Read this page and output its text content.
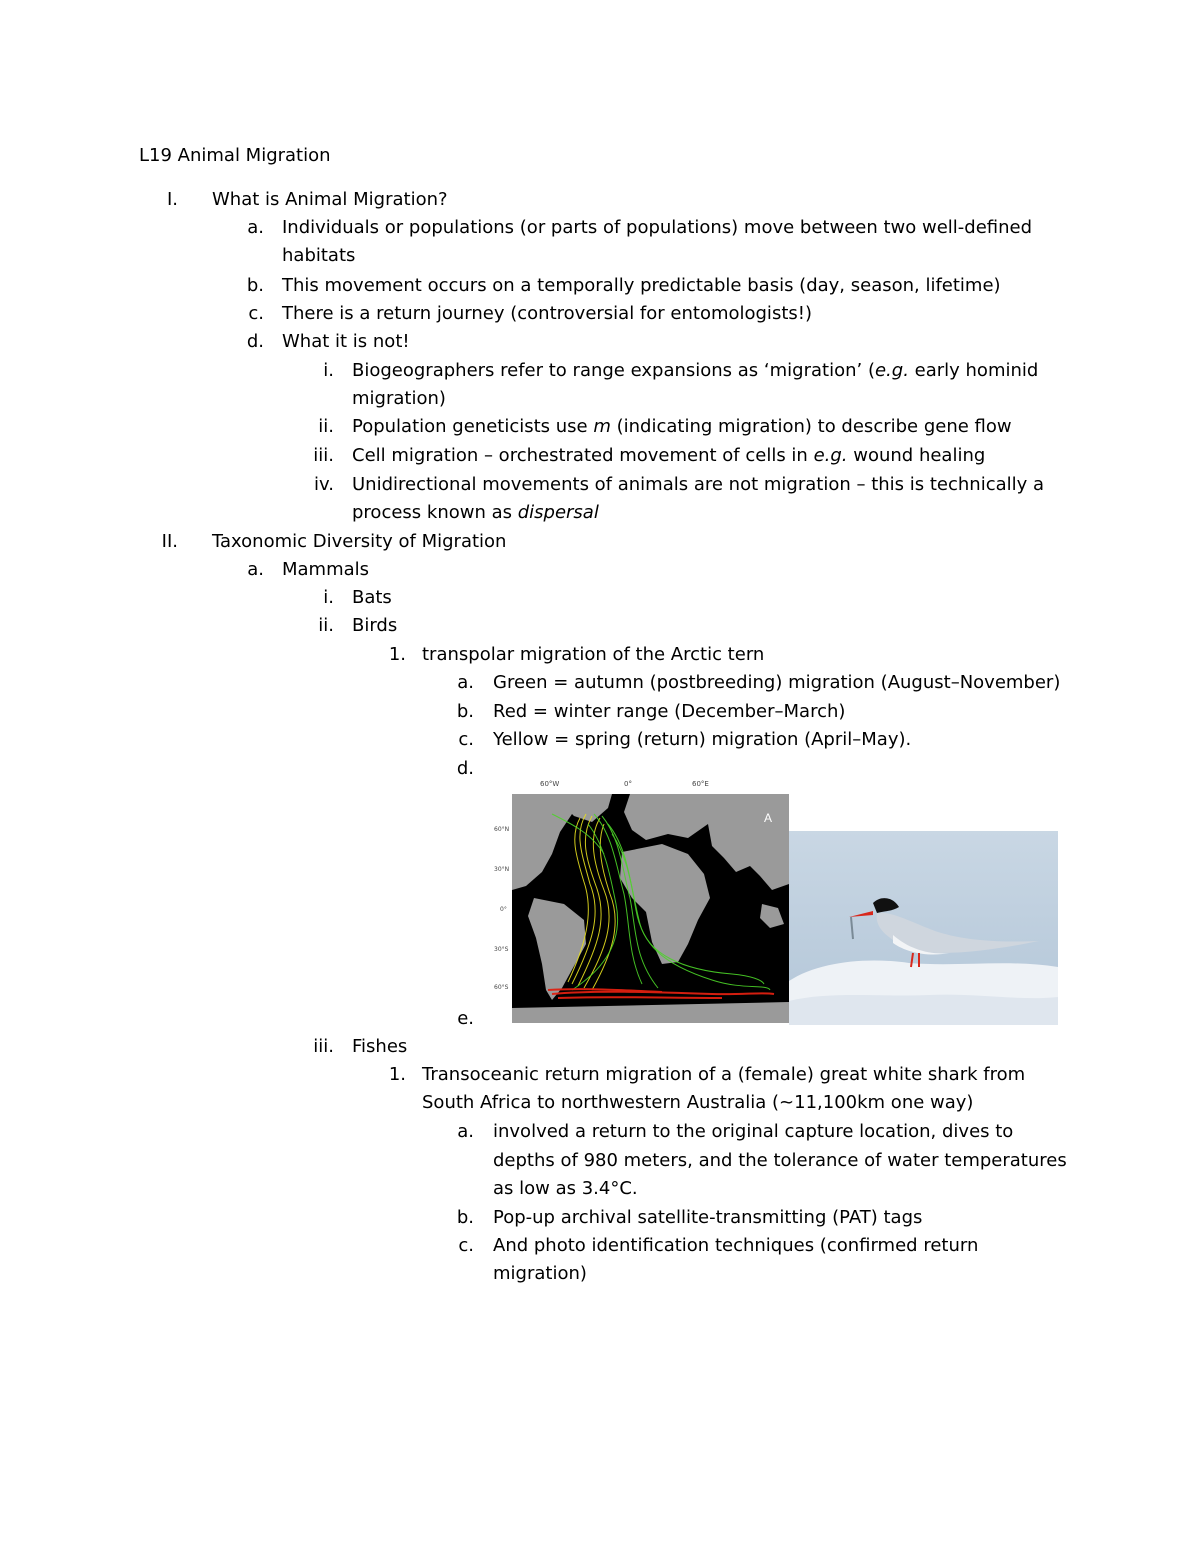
L19 Animal Migration
I. What is Animal Migration?
a. Individuals or populations (or parts of populations) move between two well-defined
habitats
b. This movement occurs on a temporally predictable basis (day, season, lifetime)
c. There is a return journey (controversial for entomologists!)
d. What it is not!
i. Biogeographers refer to range expansions as ‘migration’ (e.g. early hominid
migration)
ii. Population geneticists use m (indicating migration) to describe gene flow
iii. Cell migration – orchestrated movement of cells in e.g. wound healing
iv. Unidirectional movements of animals are not migration – this is technically a
process known as dispersal
II. Taxonomic Diversity of Migration
a. Mammals
i. Bats
ii. Birds
1. transpolar migration of the Arctic tern
a. Green = autumn (postbreeding) migration (August–November)
b. Red = winter range (December–March)
c. Yellow = spring (return) migration (April–May).
d.
60°W	0°	60°E
60°N
30°N
0°
30°S
60°S
A
e.
iii. Fishes
1. Transoceanic return migration of a (female) great white shark from
South Africa to northwestern Australia (~11,100km one way)
a. involved a return to the original capture location, dives to
depths of 980 meters, and the tolerance of water temperatures
as low as 3.4°C.
b. Pop-up archival satellite-transmitting (PAT) tags
c. And photo identification techniques (confirmed return
migration)
